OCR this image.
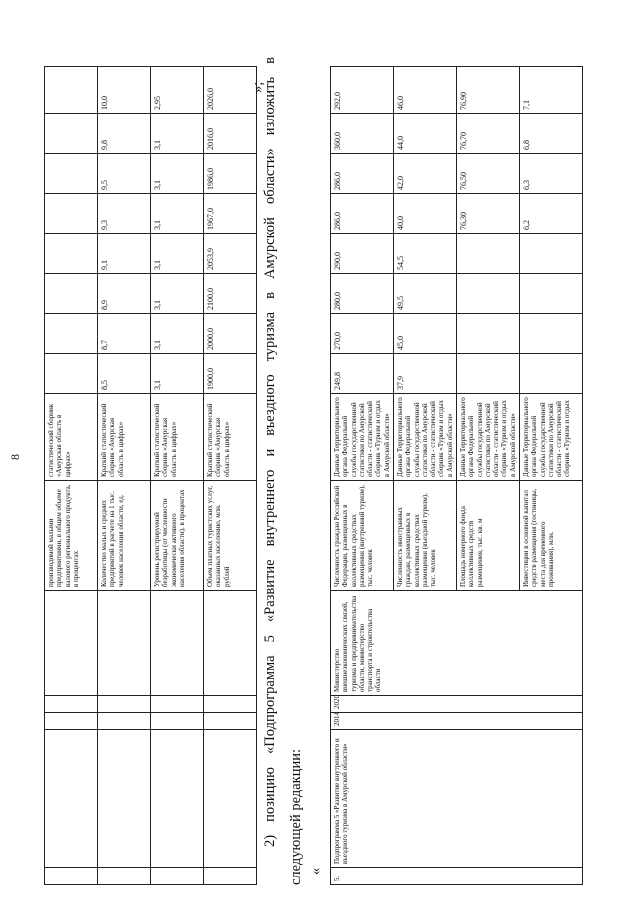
8
					производимой малыми предприятиями, в общем объеме валового регионального продукта, в процентах	статистический сборник «Амурская область в цифрах»								
					Количество малых и средних предприятий в расчете на 1 тыс. человек населения области, ед.	Краткий статистический сборник «Амурская область в цифрах»	8,5	8,7	8,9	9,1	9,3	9,5	9,8	10,0
					Уровень регистрируемой безработицы (от численности экономически активного населения области), в процентах	Краткий статистический сборник «Амурская область в цифрах»	3,1	3,1	3,1	3,1	3,1	3,1	3,1	2,95
					Объем платных туристских услуг, оказанных населению, млн. рублей	Краткий статистический сборник «Амурская область в цифрах»	1900,0	2000,0	2100,0	2053,9	1967,0	1986,0	2016,0	2026,0
»;
2) позицию «Подпрограмма 5 «Развитие внутреннего и въездного туризма в Амурской области» изложить в следующей редакции: «
5.	Подпрограмма 5 «Развитие внутреннего и въездного туризма в Амурской области»	2014	2020	Министерство внешнеэкономических связей, туризма и предпринимательства области, министерство транспорта и строительства области	Численность граждан Российской Федерации, размещенных в коллективных средствах размещения (внутренний туризм), тыс. человек	Данные Территориального органа Федеральной службы государственной статистики по Амурской области - статистический сборник «Туризм и отдых в Амурской области»	249,8	270,0	280,0	290,0	286,0	286,0	360,0	292,0
					Численность иностранных граждан, размещенных в коллективных средствах размещения (въездной туризм), тыс. человек	Данные Территориального органа Федеральной службы государственной статистики по Амурской области - статистический сборник «Туризм и отдых в Амурской области»	37,9	45,0	49,5	54,5	40,0	42,0	44,0	46,0
					Площадь номерного фонда коллективных средств размещения, тыс. кв. м	Данные Территориального органа Федеральной службы государственной статистики по Амурской области - статистический сборник «Туризм и отдых в Амурской области»					76,30	76,50	76,70	76,90
					Инвестиции в основной капитал средств размещения (гостиницы, места для временного проживания), млн.	Данные Территориального органа Федеральной службы государственной статистики по Амурской области - статистический сборник «Туризм и отдых					6,2	6,3	6,8	7,1
